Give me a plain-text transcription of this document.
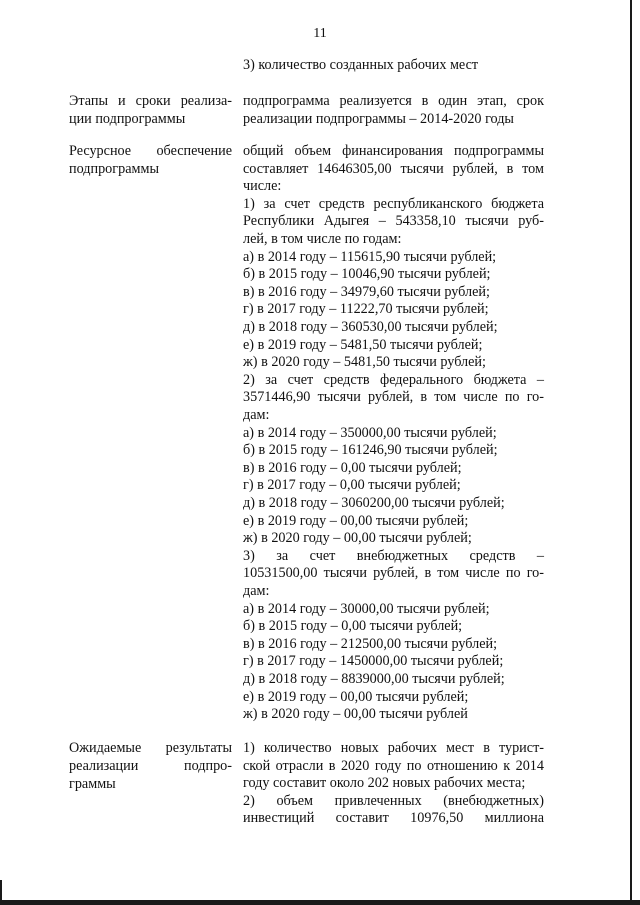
11
3) количество созданных рабочих мест
Этапы и сроки реализа-
ции подпрограммы
подпрограмма реализуется в один этап, срок
реализации подпрограммы – 2014-2020 годы
Ресурсное обеспечение
подпрограммы
общий объем финансирования подпрограммы
составляет 14646305,00 тысячи рублей, в том
числе:
1) за счет средств республиканского бюджета
Республики Адыгея – 543358,10 тысячи руб-
лей, в том числе по годам:
а) в 2014 году – 115615,90 тысячи рублей;
б) в 2015 году – 10046,90 тысячи рублей;
в) в 2016 году – 34979,60 тысячи рублей;
г) в 2017 году – 11222,70 тысячи рублей;
д) в 2018 году – 360530,00 тысячи рублей;
е) в 2019 году – 5481,50 тысячи рублей;
ж) в 2020 году – 5481,50 тысячи рублей;
2) за счет средств федерального бюджета –
3571446,90 тысячи рублей, в том числе по го-
дам:
а) в 2014 году – 350000,00 тысячи рублей;
б) в 2015 году – 161246,90 тысячи рублей;
в) в 2016 году – 0,00 тысячи рублей;
г) в 2017 году – 0,00 тысячи рублей;
д) в 2018 году – 3060200,00 тысячи рублей;
е) в 2019 году – 00,00 тысячи рублей;
ж) в 2020 году – 00,00 тысячи рублей;
3) за счет внебюджетных средств –
10531500,00 тысячи рублей, в том числе по го-
дам:
а) в 2014 году – 30000,00 тысячи рублей;
б) в 2015 году – 0,00 тысячи рублей;
в) в 2016 году – 212500,00 тысячи рублей;
г) в 2017 году – 1450000,00 тысячи рублей;
д) в 2018 году – 8839000,00 тысячи рублей;
е) в 2019 году – 00,00 тысячи рублей;
ж) в 2020 году – 00,00 тысячи рублей
Ожидаемые результаты
реализации подпро-
граммы
1) количество новых рабочих мест в турист-
ской отрасли в 2020 году по отношению к 2014
году составит около 202 новых рабочих места;
2) объем привлеченных (внебюджетных)
инвестиций составит 10976,50 миллиона
